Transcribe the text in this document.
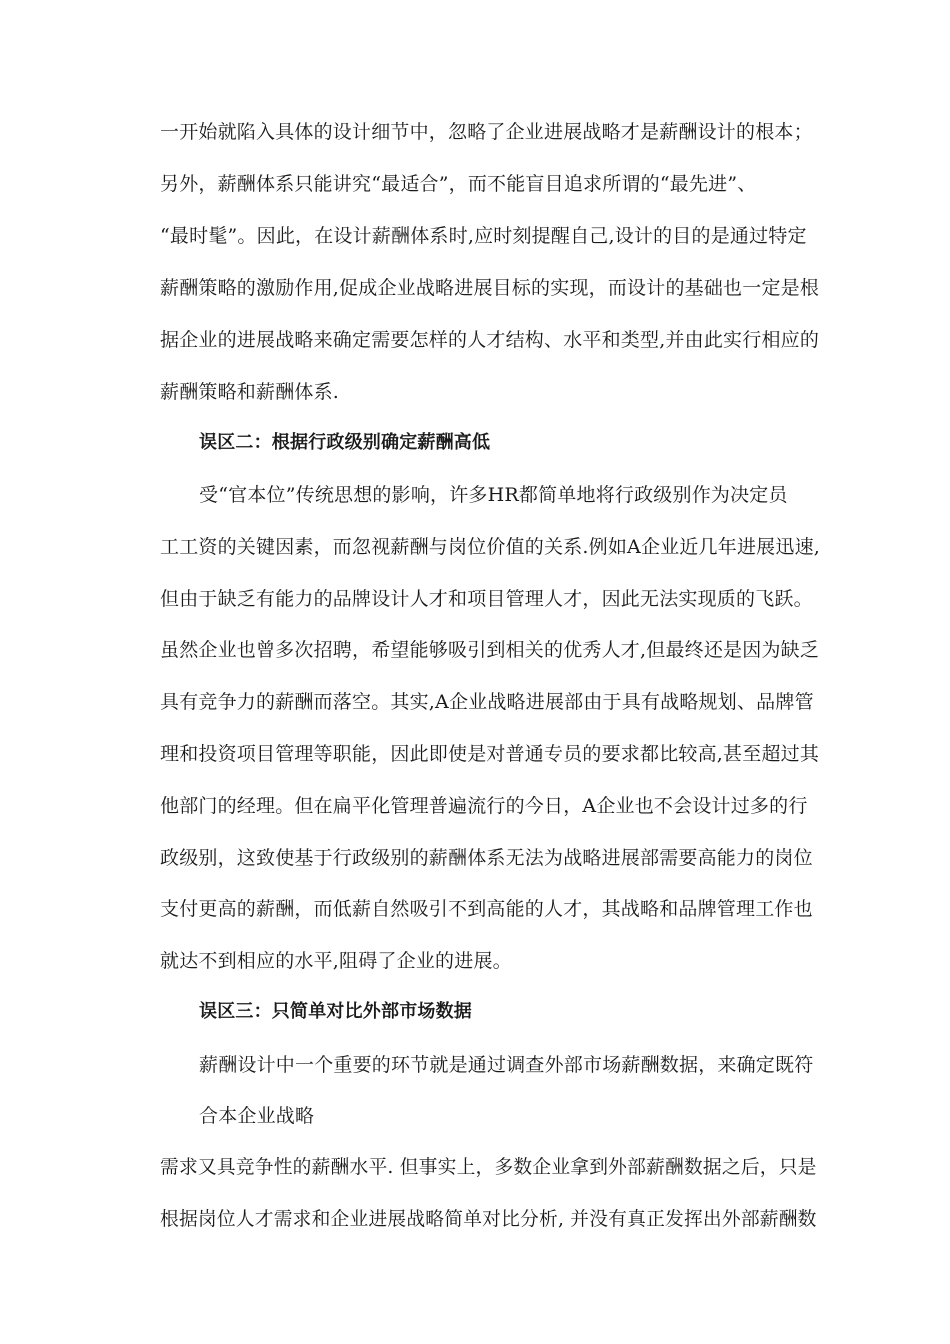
一开始就陷入具体的设计细节中，忽略了企业进展战略才是薪酬设计的根本；
另外，薪酬体系只能讲究“最适合”，而不能盲目追求所谓的“最先进”、
“最时髦”。因此，在设计薪酬体系时,应时刻提醒自己,设计的目的是通过特定
薪酬策略的激励作用,促成企业战略进展目标的实现，而设计的基础也一定是根
据企业的进展战略来确定需要怎样的人才结构、水平和类型,并由此实行相应的
薪酬策略和薪酬体系.
误区二：根据行政级别确定薪酬高低
受“官本位”传统思想的影响，许多HR都简单地将行政级别作为决定员
工工资的关键因素，而忽视薪酬与岗位价值的关系.例如A企业近几年进展迅速,
但由于缺乏有能力的品牌设计人才和项目管理人才，因此无法实现质的飞跃。
虽然企业也曾多次招聘，希望能够吸引到相关的优秀人才,但最终还是因为缺乏
具有竞争力的薪酬而落空。其实,A企业战略进展部由于具有战略规划、品牌管
理和投资项目管理等职能，因此即使是对普通专员的要求都比较高,甚至超过其
他部门的经理。但在扁平化管理普遍流行的今日，A企业也不会设计过多的行
政级别，这致使基于行政级别的薪酬体系无法为战略进展部需要高能力的岗位
支付更高的薪酬，而低薪自然吸引不到高能的人才，其战略和品牌管理工作也
就达不到相应的水平,阻碍了企业的进展。
误区三：只简单对比外部市场数据
薪酬设计中一个重要的环节就是通过调查外部市场薪酬数据，来确定既符
合本企业战略
需求又具竞争性的薪酬水平. 但事实上，多数企业拿到外部薪酬数据之后，只是
根据岗位人才需求和企业进展战略简单对比分析, 并没有真正发挥出外部薪酬数
